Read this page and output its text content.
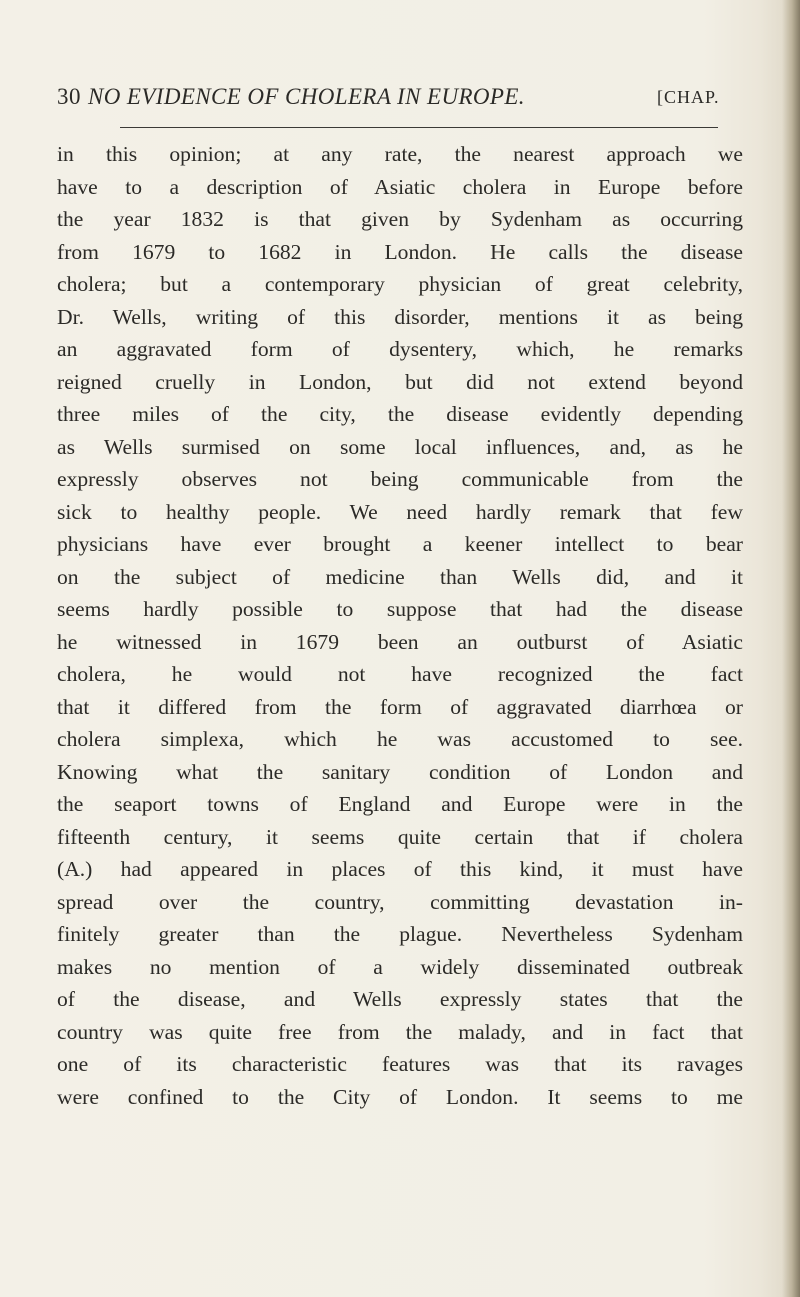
30 NO EVIDENCE OF CHOLERA IN EUROPE.	[CHAP.
in this opinion; at any rate, the nearest approach we
have to a description of Asiatic cholera in Europe before
the year 1832 is that given by Sydenham as occurring
from 1679 to 1682 in London. He calls the disease
cholera; but a contemporary physician of great celebrity,
Dr. Wells, writing of this disorder, mentions it as being
an aggravated form of dysentery, which, he remarks
reigned cruelly in London, but did not extend beyond
three miles of the city, the disease evidently depending
as Wells surmised on some local influences, and, as he
expressly observes not being communicable from the
sick to healthy people. We need hardly remark that few
physicians have ever brought a keener intellect to bear
on the subject of medicine than Wells did, and it
seems hardly possible to suppose that had the disease
he witnessed in 1679 been an outburst of Asiatic
cholera, he would not have recognized the fact
that it differed from the form of aggravated diarrhœa or
cholera simplexa, which he was accustomed to see.
Knowing what the sanitary condition of London and
the seaport towns of England and Europe were in the
fifteenth century, it seems quite certain that if cholera
(A.) had appeared in places of this kind, it must have
spread over the country, committing devastation in-
finitely greater than the plague. Nevertheless Sydenham
makes no mention of a widely disseminated outbreak
of the disease, and Wells expressly states that the
country was quite free from the malady, and in fact that
one of its characteristic features was that its ravages
were confined to the City of London. It seems to me
